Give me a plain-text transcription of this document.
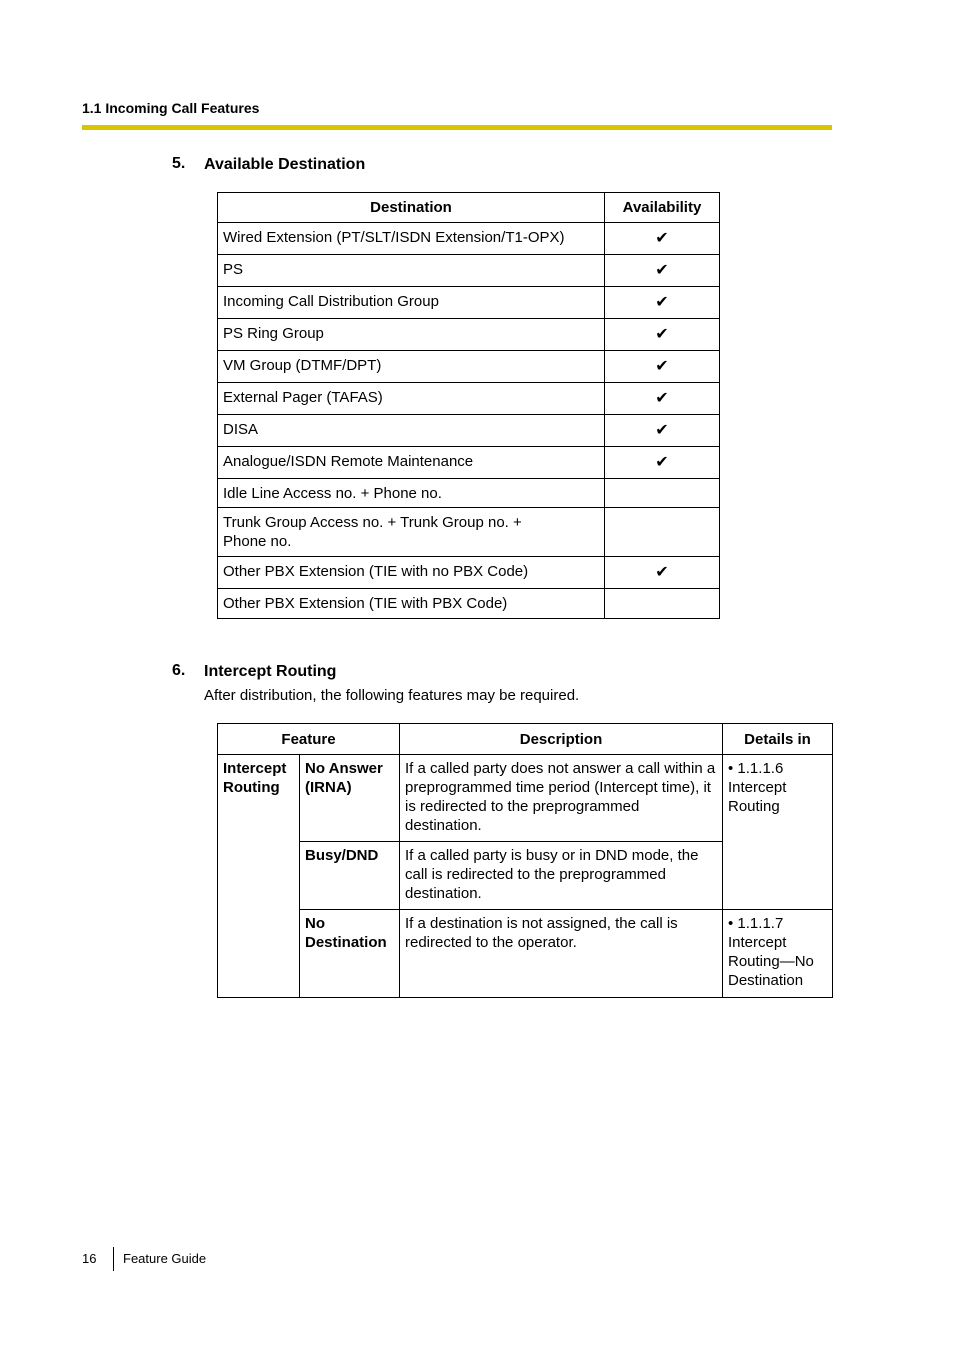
1.1 Incoming Call Features
5. Available Destination
Destination	Availability
Wired Extension (PT/SLT/ISDN Extension/T1-OPX)	✔
PS	✔
Incoming Call Distribution Group	✔
PS Ring Group	✔
VM Group (DTMF/DPT)	✔
External Pager (TAFAS)	✔
DISA	✔
Analogue/ISDN Remote Maintenance	✔
Idle Line Access no. + Phone no.	
Trunk Group Access no. + Trunk Group no. + Phone no.	
Other PBX Extension (TIE with no PBX Code)	✔
Other PBX Extension (TIE with PBX Code)	
6. Intercept Routing
After distribution, the following features may be required.
Feature		Description	Details in
Intercept Routing	No Answer (IRNA)	If a called party does not answer a call within a preprogrammed time period (Intercept time), it is redirected to the preprogrammed destination.	• 1.1.1.6 Intercept Routing
	Busy/DND	If a called party is busy or in DND mode, the call is redirected to the preprogrammed destination.	
	No Destination	If a destination is not assigned, the call is redirected to the operator.	• 1.1.1.7 Intercept Routing—No Destination
16 Feature Guide
